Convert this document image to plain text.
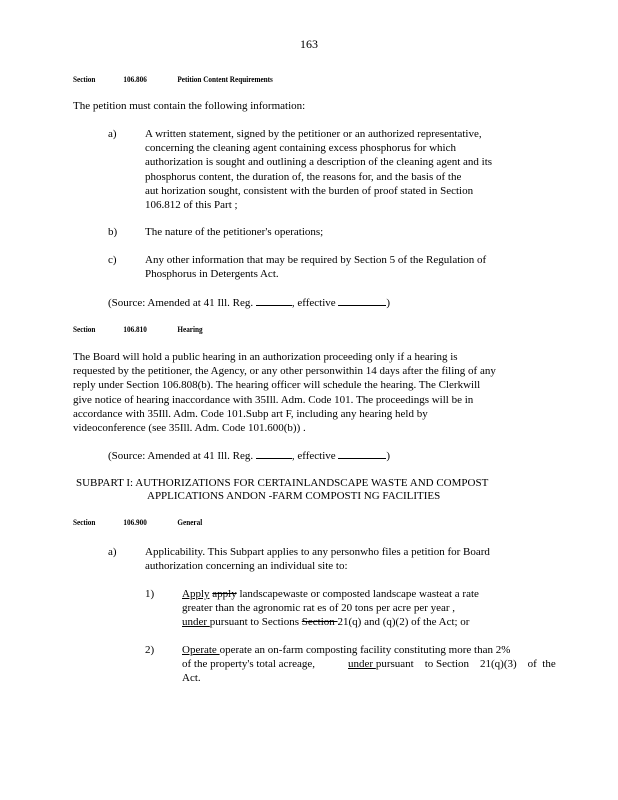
163
Section	106.806	Petition Content Requirements
The petition must contain the following information:
a)	A written statement, signed by the petitioner or an authorized representative,
concerning the cleaning agent containing excess phosphorus for which
authorization is sought and outlining a description of the cleaning agent and its
phosphorus content, the duration of, the reasons for, and the basis of the
aut horization sought, consistent with the burden of proof stated in Section
106.812 of this Part ;
b)	The nature of the petitioner's operations;
c)	Any other information that may be required by Section 5 of the Regulation of
Phosphorus in Detergents Act.
(Source: Amended at 41 Ill. Reg.	, effective	)
Section	106.810	Hearing
The Board will hold a public hearing in an authorization proceeding only if a hearing is
requested by the petitioner, the Agency, or any other personwithin 14 days after the filing of any
reply under Section 106.808(b). The hearing officer will schedule the hearing. The Clerkwill
give notice of hearing inaccordance with 35Ill. Adm. Code 101. The proceedings will be in
accordance with 35Ill. Adm. Code 101.Subp art F, including any hearing held by
videoconference (see 35Ill. Adm. Code 101.600(b)) .
(Source: Amended at 41 Ill. Reg.	, effective	)
SUBPART I: AUTHORIZATIONS FOR CERTAINLANDSCAPE WASTE AND COMPOST
APPLICATIONS ANDON -FARM COMPOSTI NG FACILITIES
Section	106.900	General
a)	Applicability. This Subpart applies to any personwho files a petition for Board
authorization concerning an individual site to:
1)	Apply apply landscapewaste or composted landscape wasteat a rate
greater than the agronomic rat es of 20 tons per acre per year ,
under pursuant to Sections Section 21(q) and (q)(2) of the Act; or
2)	Operate operate an on-farm composting facility constituting more than 2%
of the property's total acreage,            under pursuant    to Section    21(q)(3)    of  the
Act.
